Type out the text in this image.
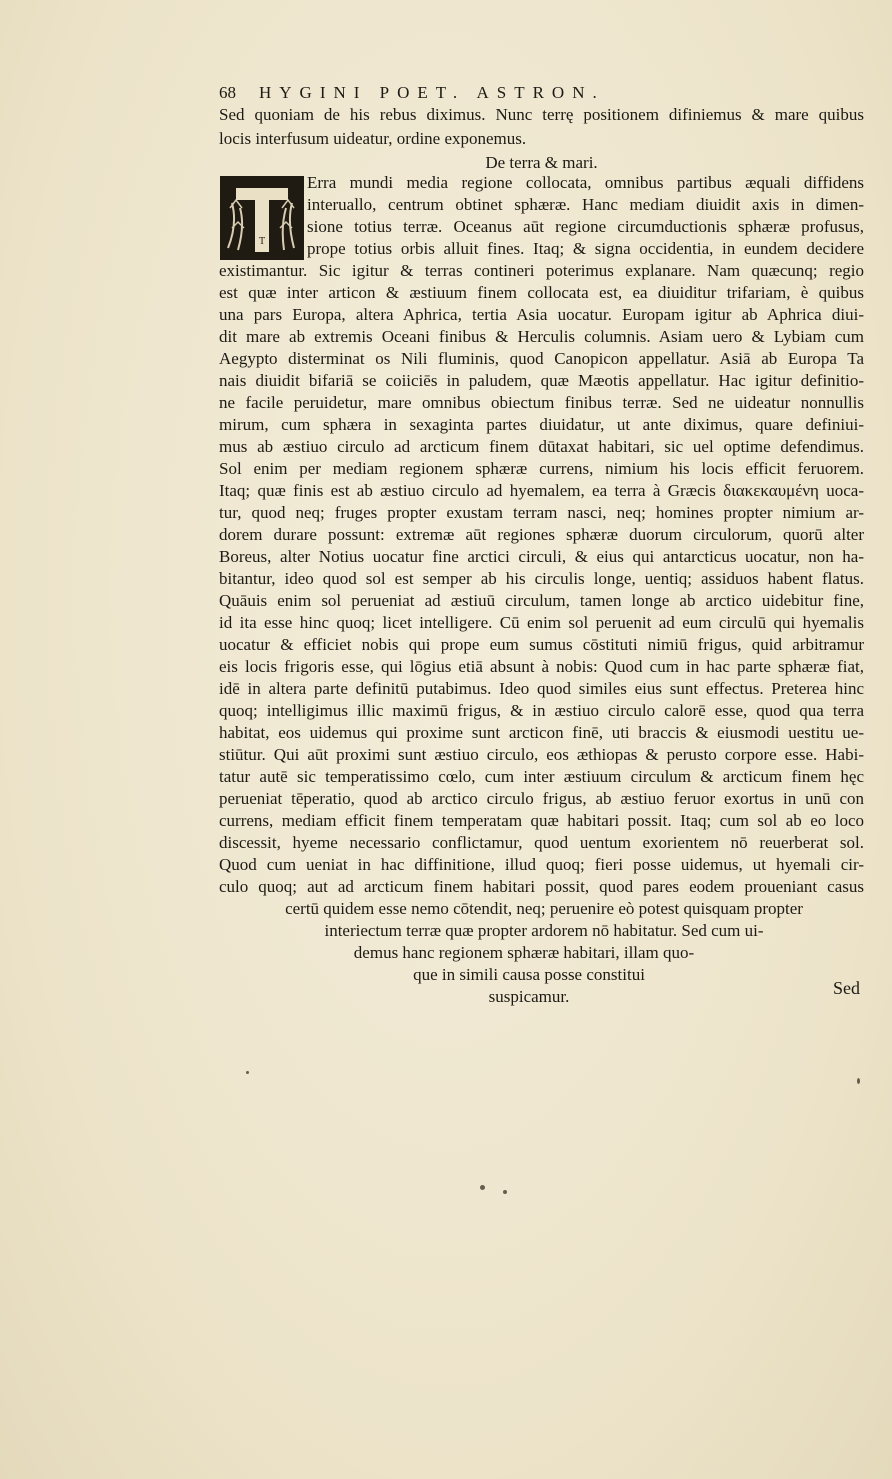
68 HYGINI POET. ASTRON.
Sed quoniam de his rebus diximus. Nunc terrę positionem difiniemus & mare quibus
locis interfusum uideatur, ordine exponemus.
De terra & mari.
T
Erra mundi media regione collocata, omnibus partibus æquali diffidens
interuallo, centrum obtinet sphæræ. Hanc mediam diuidit axis in dimen-
sione totius terræ. Oceanus aūt regione circumductionis sphæræ profusus,
prope totius orbis alluit fines. Itaq; & signa occidentia, in eundem decidere
existimantur. Sic igitur & terras contineri poterimus explanare. Nam quæcunq; regio
est quæ inter articon & æstiuum finem collocata est, ea diuiditur trifariam, è quibus
una pars Europa, altera Aphrica, tertia Asia uocatur. Europam igitur ab Aphrica diui-
dit mare ab extremis Oceani finibus & Herculis columnis. Asiam uero & Lybiam cum
Aegypto disterminat os Nili fluminis, quod Canopicon appellatur. Asiā ab Europa Ta
nais diuidit bifariā se coiiciēs in paludem, quæ Mæotis appellatur. Hac igitur definitio-
ne facile peruidetur, mare omnibus obiectum finibus terræ. Sed ne uideatur nonnullis
mirum, cum sphæra in sexaginta partes diuidatur, ut ante diximus, quare definiui-
mus ab æstiuo circulo ad arcticum finem dūtaxat habitari, sic uel optime defendimus.
Sol enim per mediam regionem sphæræ currens, nimium his locis efficit feruorem.
Itaq; quæ finis est ab æstiuo circulo ad hyemalem, ea terra à Græcis διακεκαυμένη uoca-
tur, quod neq; fruges propter exustam terram nasci, neq; homines propter nimium ar-
dorem durare possunt: extremæ aūt regiones sphæræ duorum circulorum, quorū alter
Boreus, alter Notius uocatur fine arctici circuli, & eius qui antarcticus uocatur, non ha-
bitantur, ideo quod sol est semper ab his circulis longe, uentiq; assiduos habent flatus.
Quāuis enim sol perueniat ad æstiuū circulum, tamen longe ab arctico uidebitur fine,
id ita esse hinc quoq; licet intelligere. Cū enim sol peruenit ad eum circulū qui hyemalis
uocatur & efficiet nobis qui prope eum sumus cōstituti nimiū frigus, quid arbitramur
eis locis frigoris esse, qui lōgius etiā absunt à nobis: Quod cum in hac parte sphæræ fiat,
idē in altera parte definitū putabimus. Ideo quod similes eius sunt effectus. Preterea hinc
quoq; intelligimus illic maximū frigus, & in æstiuo circulo calorē esse, quod qua terra
habitat, eos uidemus qui proxime sunt arcticon finē, uti braccis & eiusmodi uestitu ue-
stiūtur. Qui aūt proximi sunt æstiuo circulo, eos æthiopas & perusto corpore esse. Habi-
tatur autē sic temperatissimo cœlo, cum inter æstiuum circulum & arcticum finem hęc
perueniat tēperatio, quod ab arctico circulo frigus, ab æstiuo feruor exortus in unū con
currens, mediam efficit finem temperatam quæ habitari possit. Itaq; cum sol ab eo loco
discessit, hyeme necessario conflictamur, quod uentum exorientem nō reuerberat sol.
Quod cum ueniat in hac diffinitione, illud quoq; fieri posse uidemus, ut hyemali cir-
culo quoq; aut ad arcticum finem habitari possit, quod pares eodem proueniant casus
certū quidem esse nemo cōtendit, neq; peruenire eò potest quisquam propter
interiectum terræ quæ propter ardorem nō habitatur. Sed cum ui-
demus hanc regionem sphæræ habitari, illam quo-
que in simili causa posse constitui
suspicamur.	Sed
